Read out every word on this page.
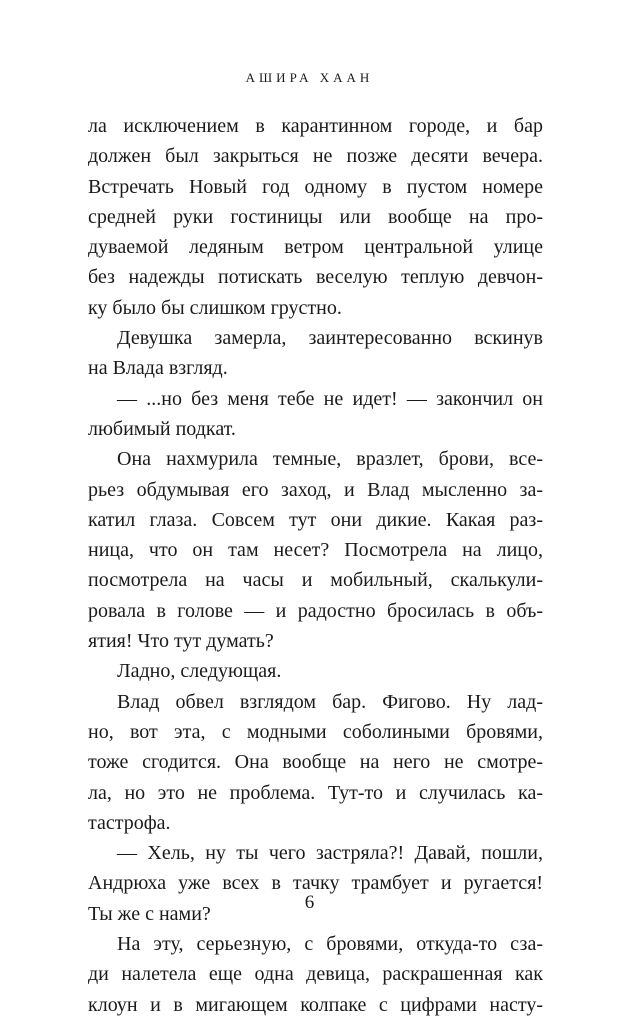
АШИРА ХААН
ла исключением в карантинном городе, и бар
должен был закрыться не позже десяти вечера.
Встречать Новый год одному в пустом номере
средней руки гостиницы или вообще на про-
дуваемой ледяным ветром центральной улице
без надежды потискать веселую теплую девчон-
ку было бы слишком грустно.
Девушка замерла, заинтересованно вскинув
на Влада взгляд.
— ...но без меня тебе не идет! — закончил он
любимый подкат.
Она нахмурила темные, вразлет, брови, все-
рьез обдумывая его заход, и Влад мысленно за-
катил глаза. Совсем тут они дикие. Какая раз-
ница, что он там несет? Посмотрела на лицо,
посмотрела на часы и мобильный, скалькули-
ровала в голове — и радостно бросилась в объ-
ятия! Что тут думать?
Ладно, следующая.
Влад обвел взглядом бар. Фигово. Ну лад-
но, вот эта, с модными соболиными бровями,
тоже сгодится. Она вообще на него не смотре-
ла, но это не проблема. Тут-то и случилась ка-
тастрофа.
— Хель, ну ты чего застряла?! Давай, пошли,
Андрюха уже всех в тачку трамбует и ругается!
Ты же с нами?
На эту, серьезную, с бровями, откуда-то сза-
ди налетела еще одна девица, раскрашенная как
клоун и в мигающем колпаке с цифрами насту-
6
